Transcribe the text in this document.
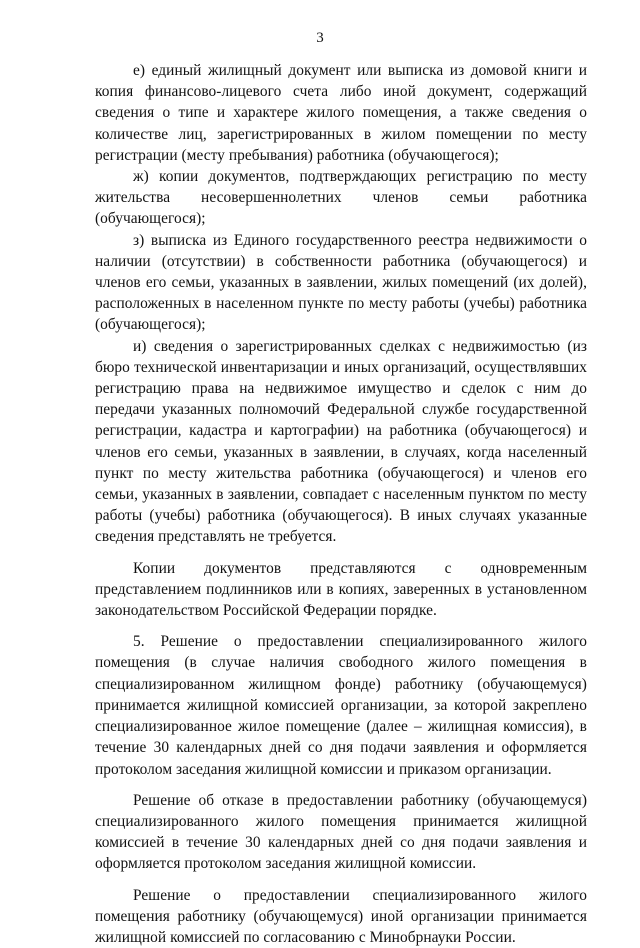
3

е) единый жилищный документ или выписка из домовой книги и копия финансово-лицевого счета либо иной документ, содержащий сведения о типе и характере жилого помещения, а также сведения о количестве лиц, зарегистрированных в жилом помещении по месту регистрации (месту пребывания) работника (обучающегося);

ж) копии документов, подтверждающих регистрацию по месту жительства несовершеннолетних членов семьи работника (обучающегося);

з) выписка из Единого государственного реестра недвижимости о наличии (отсутствии) в собственности работника (обучающегося) и членов его семьи, указанных в заявлении, жилых помещений (их долей), расположенных в населенном пункте по месту работы (учебы) работника (обучающегося);

и) сведения о зарегистрированных сделках с недвижимостью (из бюро технической инвентаризации и иных организаций, осуществлявших регистрацию права на недвижимое имущество и сделок с ним до передачи указанных полномочий Федеральной службе государственной регистрации, кадастра и картографии) на работника (обучающегося) и членов его семьи, указанных в заявлении, в случаях, когда населенный пункт по месту жительства работника (обучающегося) и членов его семьи, указанных в заявлении, совпадает с населенным пунктом по месту работы (учебы) работника (обучающегося). В иных случаях указанные сведения представлять не требуется.

Копии документов представляются с одновременным представлением подлинников или в копиях, заверенных в установленном законодательством Российской Федерации порядке.

5. Решение о предоставлении специализированного жилого помещения (в случае наличия свободного жилого помещения в специализированном жилищном фонде) работнику (обучающемуся) принимается жилищной комиссией организации, за которой закреплено специализированное жилое помещение (далее – жилищная комиссия), в течение 30 календарных дней со дня подачи заявления и оформляется протоколом заседания жилищной комиссии и приказом организации.

Решение об отказе в предоставлении работнику (обучающемуся) специализированного жилого помещения принимается жилищной комиссией в течение 30 календарных дней со дня подачи заявления и оформляется протоколом заседания жилищной комиссии.

Решение о предоставлении специализированного жилого помещения работнику (обучающемуся) иной организации принимается жилищной комиссией по согласованию с Минобрнауки России.
